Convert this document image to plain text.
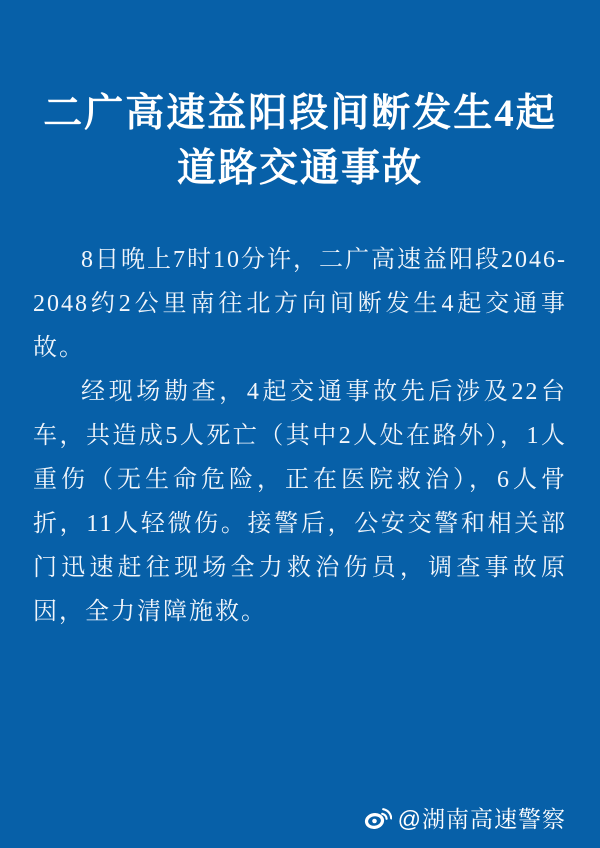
二广高速益阳段间断发生4起
道路交通事故

8日晚上7时10分许，二广高速益阳段2046-2048约2公里南往北方向间断发生4起交通事故。

经现场勘查，4起交通事故先后涉及22台车，共造成5人死亡（其中2人处在路外），1人重伤（无生命危险，正在医院救治），6人骨折，11人轻微伤。接警后，公安交警和相关部门迅速赶往现场全力救治伤员，调查事故原因，全力清障施救。

@湖南高速警察
